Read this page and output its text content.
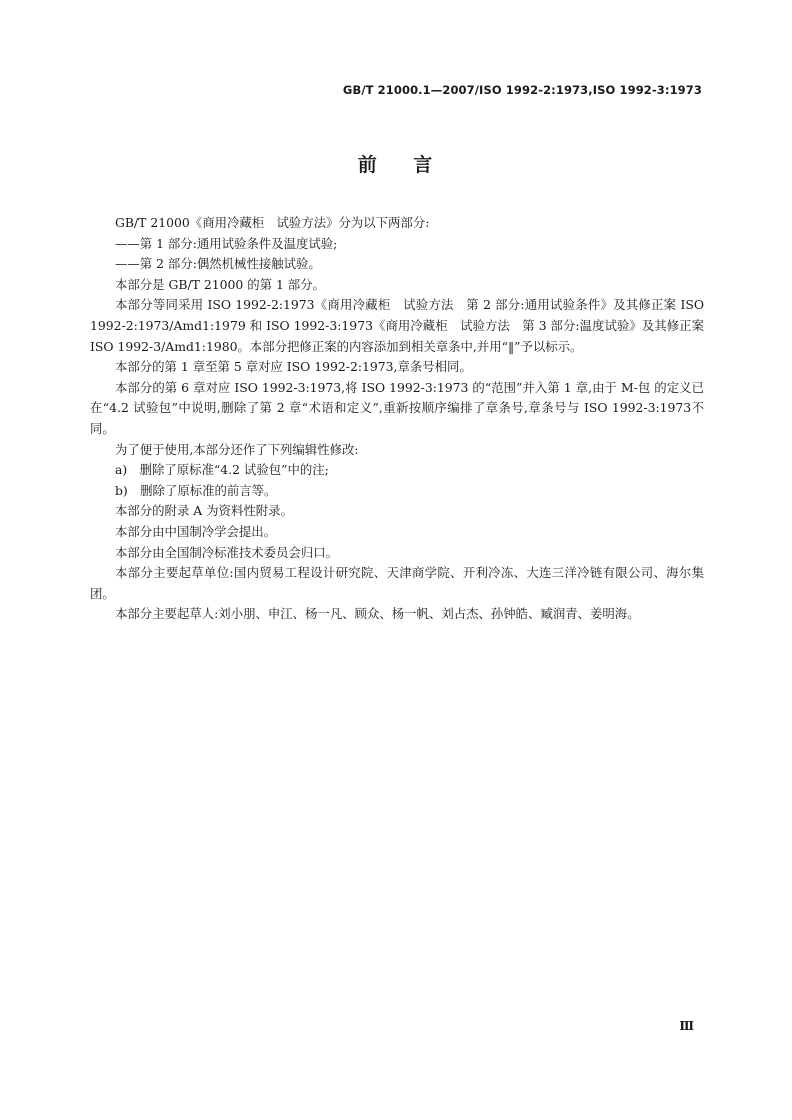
GB/T 21000.1—2007/ISO 1992-2:1973,ISO 1992-3:1973
前    言

GB/T 21000《商用冷藏柜　试验方法》分为以下两部分:

——第 1 部分:通用试验条件及温度试验;

——第 2 部分:偶然机械性接触试验。

本部分是 GB/T 21000 的第 1 部分。

本部分等同采用 ISO 1992-2:1973《商用冷藏柜　试验方法　第 2 部分:通用试验条件》及其修正案 ISO 1992-2:1973/Amd1:1979 和 ISO 1992-3:1973《商用冷藏柜　试验方法　第 3 部分:温度试验》及其修正案 ISO 1992-3/Amd1:1980。本部分把修正案的内容添加到相关章条中,并用“‖”予以标示。

本部分的第 1 章至第 5 章对应 ISO 1992-2:1973,章条号相同。

本部分的第 6 章对应 ISO 1992-3:1973,将 ISO 1992-3:1973 的“范围”并入第 1 章,由于 M-包 的定义已在“4.2 试验包”中说明,删除了第 2 章“术语和定义”,重新按顺序编排了章条号,章条号与 ISO 1992-3:1973不同。

为了便于使用,本部分还作了下列编辑性修改:

a)　删除了原标准“4.2 试验包”中的注;

b)　删除了原标准的前言等。

本部分的附录 A 为资料性附录。

本部分由中国制冷学会提出。

本部分由全国制冷标准技术委员会归口。

本部分主要起草单位:国内贸易工程设计研究院、天津商学院、开利冷冻、大连三洋冷链有限公司、海尔集团。

本部分主要起草人:刘小朋、申江、杨一凡、顾众、杨一帆、刘占杰、孙钟皓、臧润青、姜明海。

Ⅲ
